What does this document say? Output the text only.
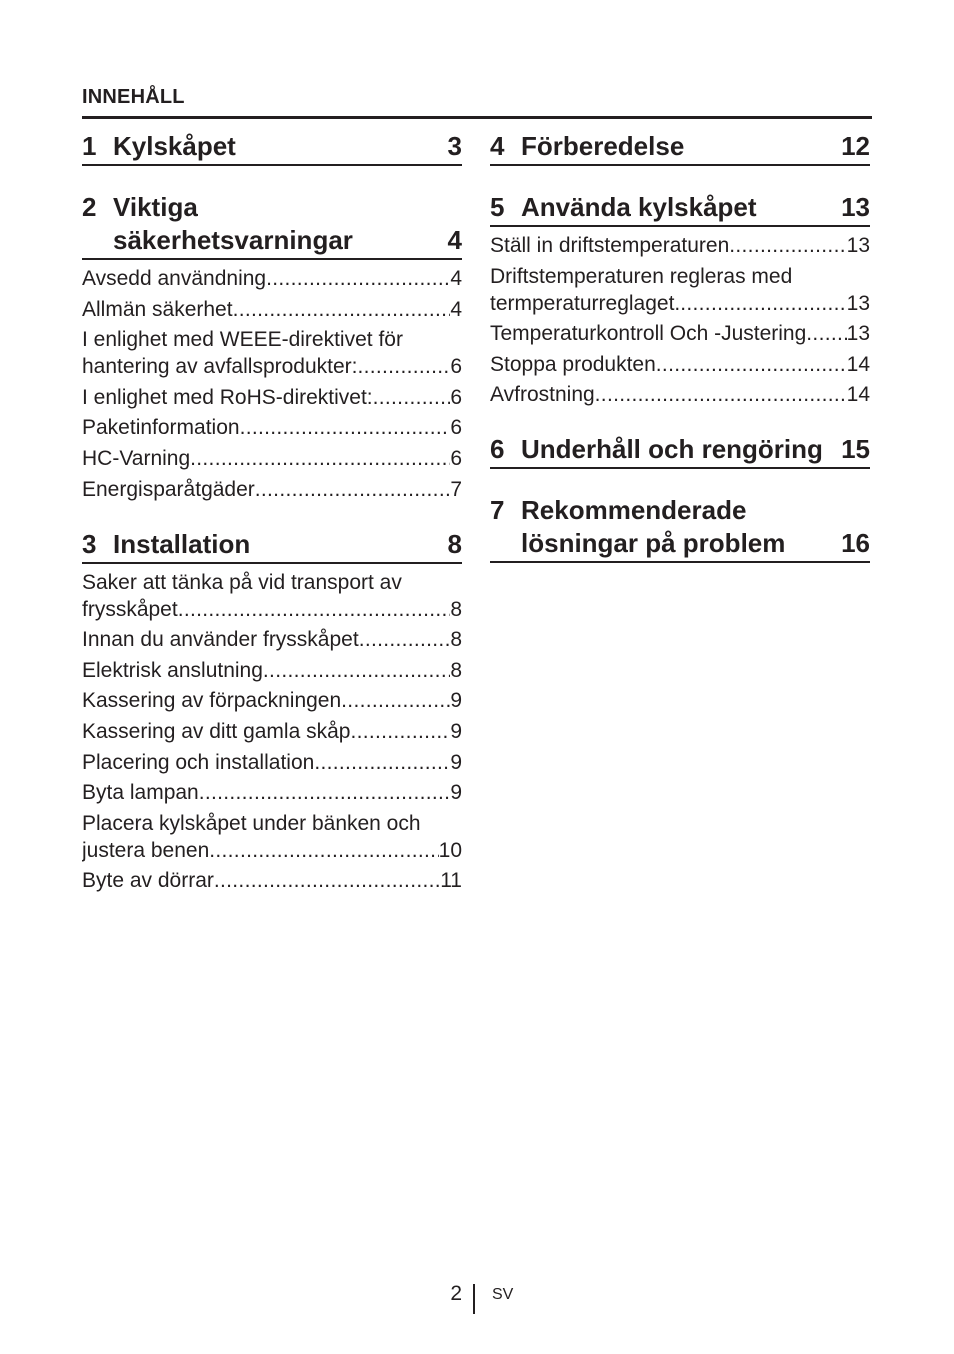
INNEHÅLL
1 Kylskåpet	3
2 Viktiga
säkerhetsvarningar	4
Avsedd användning .....	4
Allmän säkerhet .....	4
I enlighet med WEEE-direktivet för
hantering av avfallsprodukter: .....	6
I enlighet med RoHS-direktivet: .....	6
Paketinformation .....	6
HC-Varning .....	6
Energisparåtgäder .....	7
3 Installation	8
Saker att tänka på vid transport av
frysskåpet .....	8
Innan du använder frysskåpet .....	8
Elektrisk anslutning .....	8
Kassering av förpackningen .....	9
Kassering av ditt gamla skåp .....	9
Placering och installation .....	9
Byta lampan .....	9
Placera kylskåpet under bänken och
justera benen .....	10
Byte av dörrar .....	11
4 Förberedelse	12
5 Använda kylskåpet	13
Ställ in driftstemperaturen .....	13
Driftstemperaturen regleras med
termperaturreglaget. .....	13
Temperaturkontroll Och -Justering ..... 13
Stoppa produkten .....	14
Avfrostning .....	14
6 Underhåll och rengöring 15
7 Rekommenderade
lösningar på problem 16
2 SV
